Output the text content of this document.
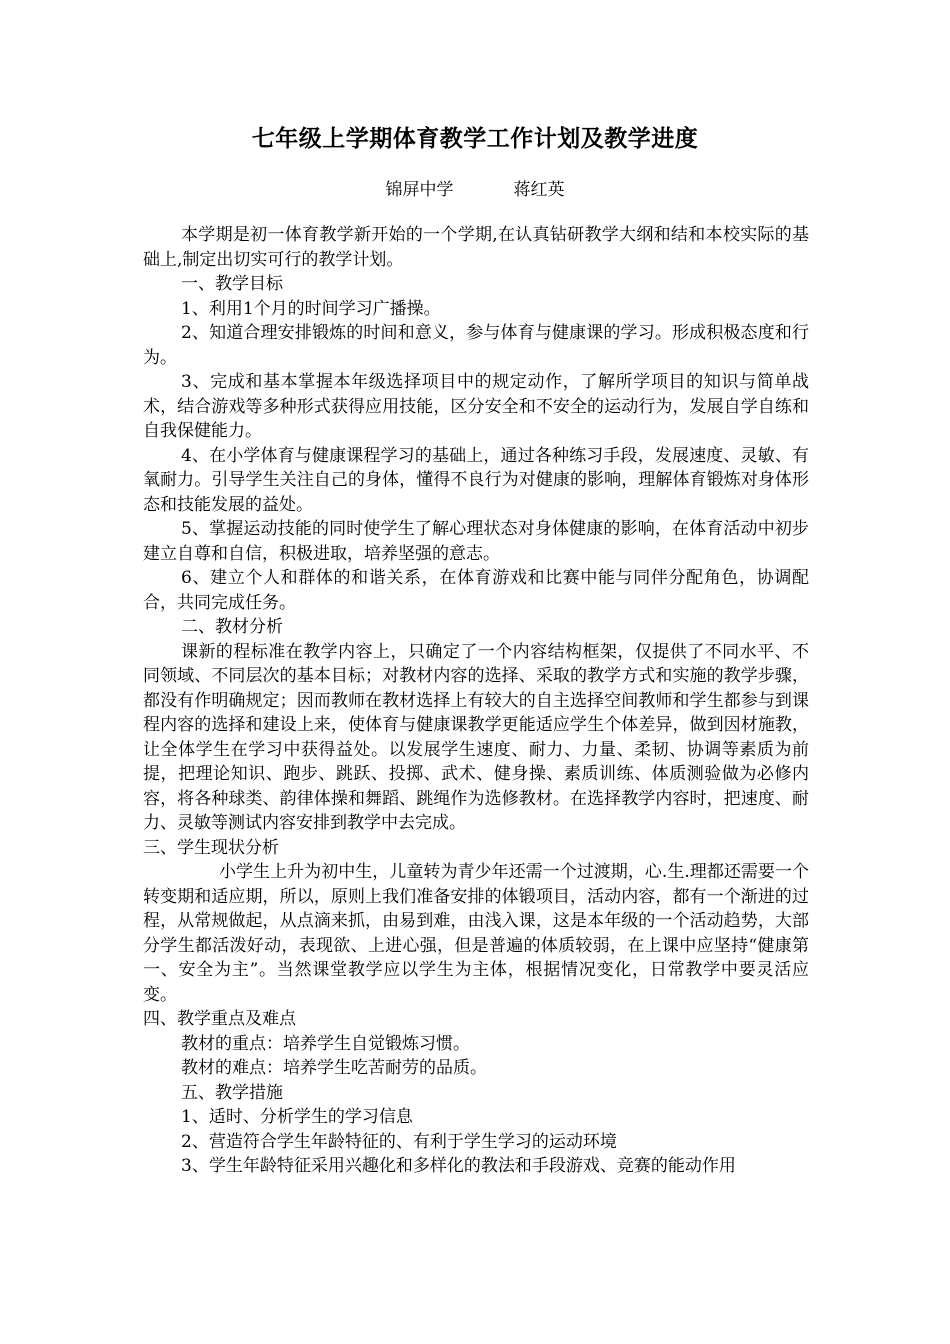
七年级上学期体育教学工作计划及教学进度
锦屏中学	蒋红英

本学期是初一体育教学新开始的一个学期,在认真钻研教学大纲和结和本校实际的基础上,制定出切实可行的教学计划。

一、教学目标

1、利用1个月的时间学习广播操。

2、知道合理安排锻炼的时间和意义，参与体育与健康课的学习。形成积极态度和行为。

3、完成和基本掌握本年级选择项目中的规定动作，了解所学项目的知识与简单战术，结合游戏等多种形式获得应用技能，区分安全和不安全的运动行为，发展自学自练和自我保健能力。

4、在小学体育与健康课程学习的基础上，通过各种练习手段，发展速度、灵敏、有氧耐力。引导学生关注自己的身体，懂得不良行为对健康的影响，理解体育锻炼对身体形态和技能发展的益处。

5、掌握运动技能的同时使学生了解心理状态对身体健康的影响，在体育活动中初步建立自尊和自信，积极进取，培养坚强的意志。

6、建立个人和群体的和谐关系，在体育游戏和比赛中能与同伴分配角色，协调配合，共同完成任务。

二、教材分析

课新的程标准在教学内容上，只确定了一个内容结构框架，仅提供了不同水平、不同领域、不同层次的基本目标；对教材内容的选择、采取的教学方式和实施的教学步骤，都没有作明确规定；因而教师在教材选择上有较大的自主选择空间教师和学生都参与到课程内容的选择和建设上来，使体育与健康课教学更能适应学生个体差异，做到因材施教，让全体学生在学习中获得益处。以发展学生速度、耐力、力量、柔韧、协调等素质为前提，把理论知识、跑步、跳跃、投掷、武术、健身操、素质训练、体质测验做为必修内容，将各种球类、韵律体操和舞蹈、跳绳作为选修教材。在选择教学内容时，把速度、耐力、灵敏等测试内容安排到教学中去完成。

三、学生现状分析

小学生上升为初中生，儿童转为青少年还需一个过渡期，心.生.理都还需要一个转变期和适应期，所以，原则上我们准备安排的体锻项目，活动内容，都有一个渐进的过程，从常规做起，从点滴来抓，由易到难，由浅入课，这是本年级的一个活动趋势，大部分学生都活泼好动，表现欲、上进心强，但是普遍的体质较弱，在上课中应坚持“健康第一、安全为主”。当然课堂教学应以学生为主体，根据情况变化，日常教学中要灵活应变。

四、教学重点及难点

教材的重点：培养学生自觉锻炼习惯。

教材的难点：培养学生吃苦耐劳的品质。

五、教学措施

1、适时、分析学生的学习信息

2、营造符合学生年龄特征的、有利于学生学习的运动环境

3、学生年龄特征采用兴趣化和多样化的教法和手段游戏、竞赛的能动作用
